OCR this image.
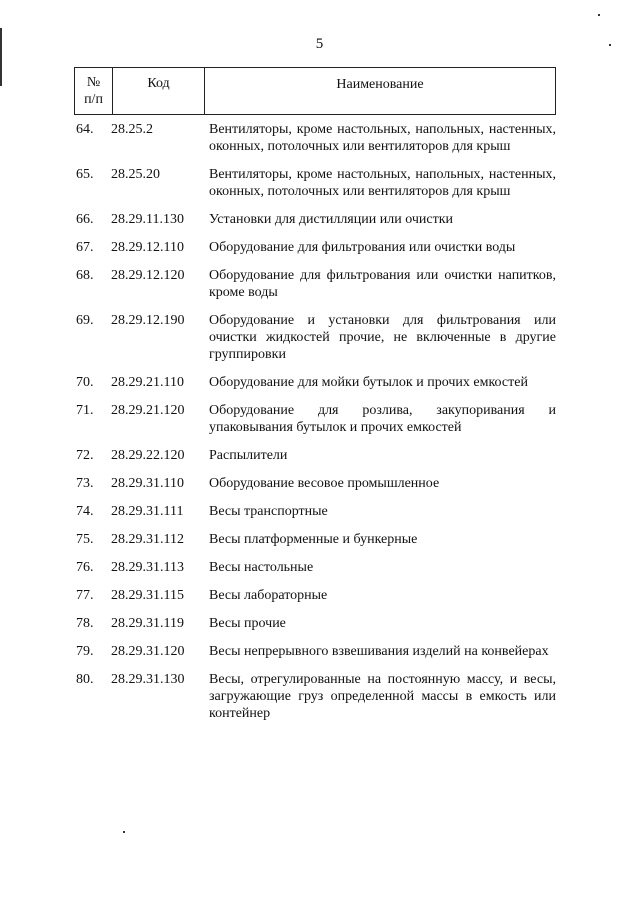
5
№
п/п
Код	Наименование
64.	28.25.2	Вентиляторы, кроме настольных, напольных, настенных, оконных, потолочных или вентиляторов для крыш
65.	28.25.20	Вентиляторы, кроме настольных, напольных, настенных, оконных, потолочных или вентиляторов для крыш
66.	28.29.11.130	Установки для дистилляции или очистки
67.	28.29.12.110	Оборудование для фильтрования или очистки воды
68.	28.29.12.120	Оборудование для фильтрования или очистки напитков, кроме воды
69.	28.29.12.190	Оборудование и установки для фильтрования или очистки жидкостей прочие, не включенные в другие группировки
70.	28.29.21.110	Оборудование для мойки бутылок и прочих емкостей
71.	28.29.21.120	Оборудование для розлива, закупоривания и упаковывания бутылок и прочих емкостей
72.	28.29.22.120	Распылители
73.	28.29.31.110	Оборудование весовое промышленное
74.	28.29.31.111	Весы транспортные
75.	28.29.31.112	Весы платформенные и бункерные
76.	28.29.31.113	Весы настольные
77.	28.29.31.115	Весы лабораторные
78.	28.29.31.119	Весы прочие
79.	28.29.31.120	Весы непрерывного взвешивания изделий на конвейерах
80.	28.29.31.130	Весы, отрегулированные на постоянную массу, и весы, загружающие груз определенной массы в емкость или контейнер
